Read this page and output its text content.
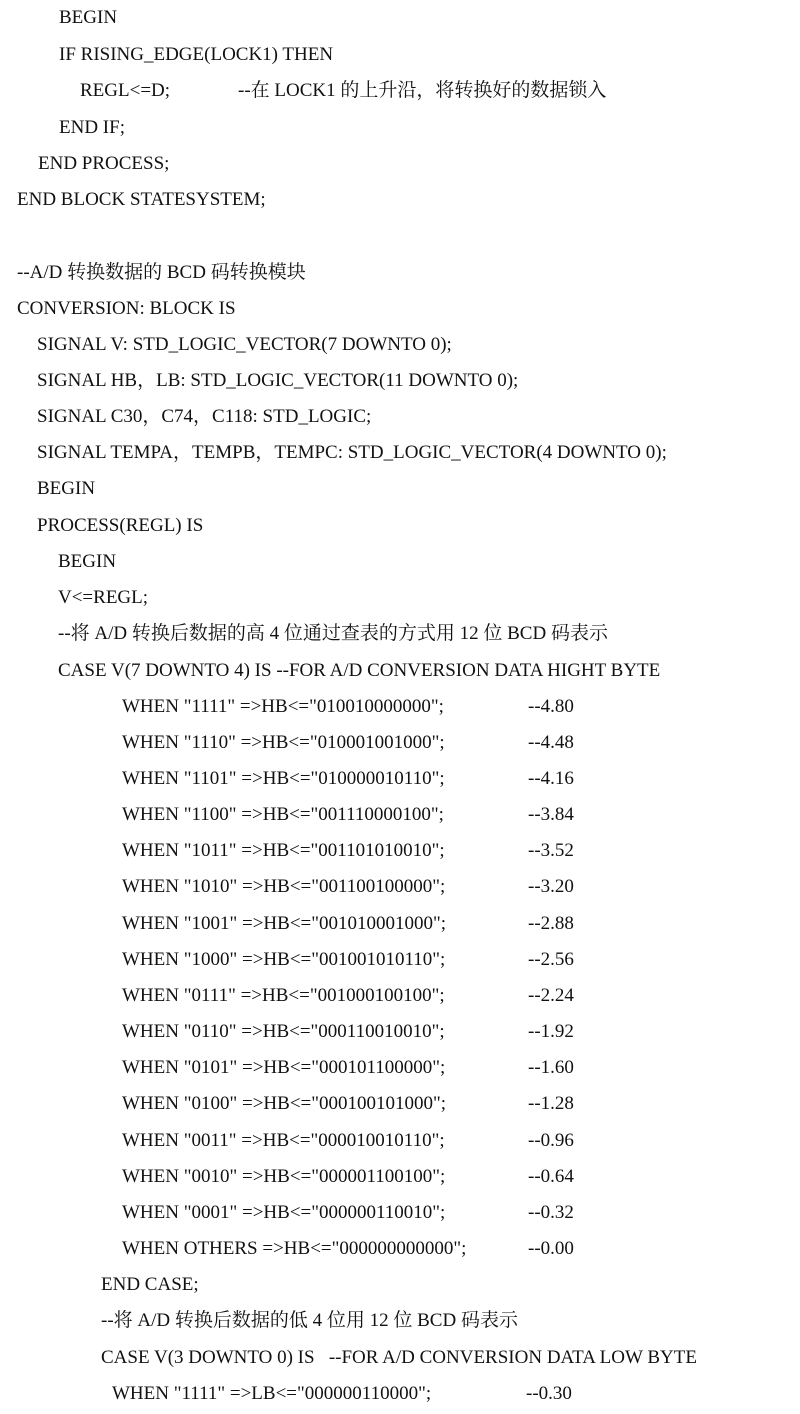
BEGIN
IF RISING_EDGE(LOCK1) THEN
REGL<=D;	--在 LOCK1 的上升沿，将转换好的数据锁入
END IF;
END PROCESS;
END BLOCK STATESYSTEM;
--A/D 转换数据的 BCD 码转换模块
CONVERSION: BLOCK IS
SIGNAL V: STD_LOGIC_VECTOR(7 DOWNTO 0);
SIGNAL HB，LB: STD_LOGIC_VECTOR(11 DOWNTO 0);
SIGNAL C30，C74，C118: STD_LOGIC;
SIGNAL TEMPA，TEMPB，TEMPC: STD_LOGIC_VECTOR(4 DOWNTO 0);
BEGIN
PROCESS(REGL) IS
BEGIN
V<=REGL;
--将 A/D 转换后数据的高 4 位通过查表的方式用 12 位 BCD 码表示
CASE V(7 DOWNTO 4) IS --FOR A/D CONVERSION DATA HIGHT BYTE
WHEN "1111" =>HB<="010010000000";	--4.80
WHEN "1110" =>HB<="010001001000";	--4.48
WHEN "1101" =>HB<="010000010110";	--4.16
WHEN "1100" =>HB<="001110000100";	--3.84
WHEN "1011" =>HB<="001101010010";	--3.52
WHEN "1010" =>HB<="001100100000";	--3.20
WHEN "1001" =>HB<="001010001000";	--2.88
WHEN "1000" =>HB<="001001010110";	--2.56
WHEN "0111" =>HB<="001000100100";	--2.24
WHEN "0110" =>HB<="000110010010";	--1.92
WHEN "0101" =>HB<="000101100000";	--1.60
WHEN "0100" =>HB<="000100101000";	--1.28
WHEN "0011" =>HB<="000010010110";	--0.96
WHEN "0010" =>HB<="000001100100";	--0.64
WHEN "0001" =>HB<="000000110010";	--0.32
WHEN OTHERS =>HB<="000000000000";	--0.00
END CASE;
--将 A/D 转换后数据的低 4 位用 12 位 BCD 码表示
CASE V(3 DOWNTO 0) IS   --FOR A/D CONVERSION DATA LOW BYTE
WHEN "1111" =>LB<="000000110000";	--0.30
